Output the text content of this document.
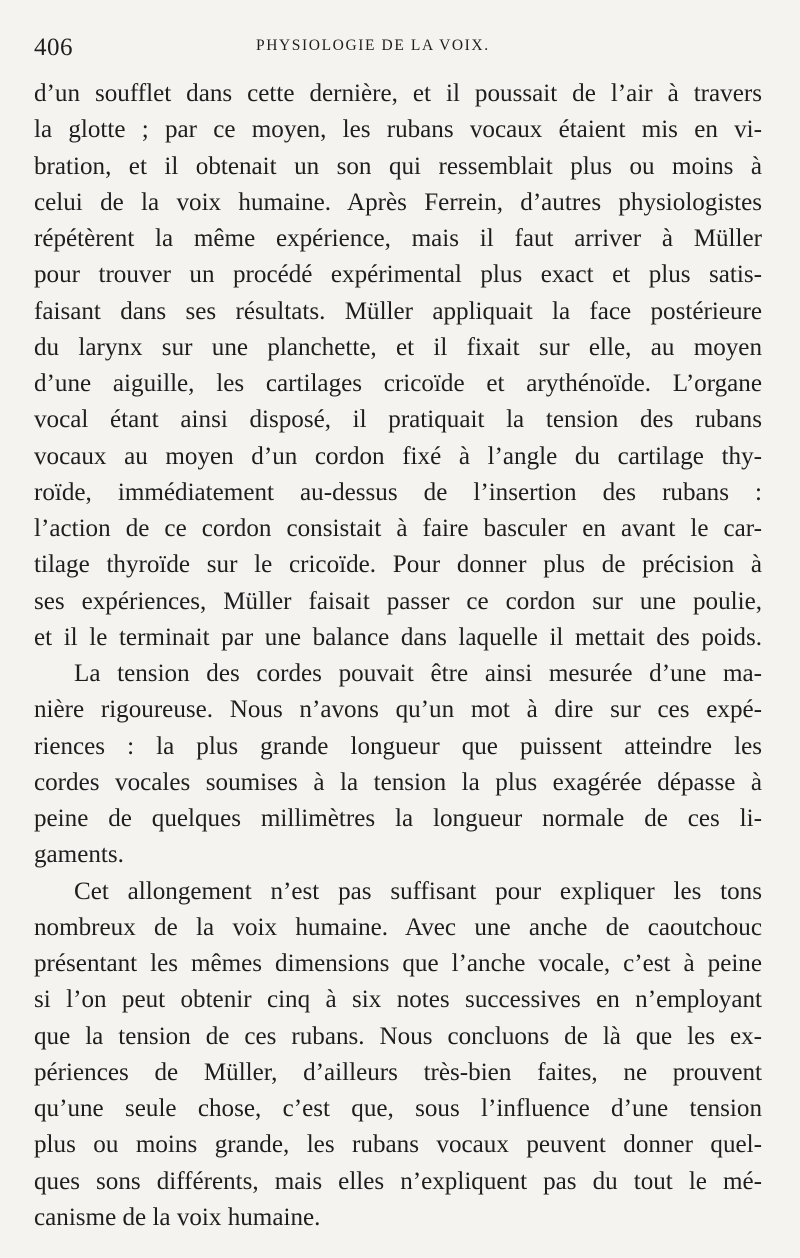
406	PHYSIOLOGIE DE LA VOIX.

d’un soufflet dans cette dernière, et il poussait de l’air à travers
la glotte ; par ce moyen, les rubans vocaux étaient mis en vi-
bration, et il obtenait un son qui ressemblait plus ou moins à
celui de la voix humaine. Après Ferrein, d’autres physiologistes
répétèrent la même expérience, mais il faut arriver à Müller
pour trouver un procédé expérimental plus exact et plus satis-
faisant dans ses résultats. Müller appliquait la face postérieure
du larynx sur une planchette, et il fixait sur elle, au moyen
d’une aiguille, les cartilages cricoïde et arythénoïde. L’organe
vocal étant ainsi disposé, il pratiquait la tension des rubans
vocaux au moyen d’un cordon fixé à l’angle du cartilage thy-
roïde, immédiatement au-dessus de l’insertion des rubans :
l’action de ce cordon consistait à faire basculer en avant le car-
tilage thyroïde sur le cricoïde. Pour donner plus de précision à
ses expériences, Müller faisait passer ce cordon sur une poulie,
et il le terminait par une balance dans laquelle il mettait des poids.

La tension des cordes pouvait être ainsi mesurée d’une ma-
nière rigoureuse. Nous n’avons qu’un mot à dire sur ces expé-
riences : la plus grande longueur que puissent atteindre les
cordes vocales soumises à la tension la plus exagérée dépasse à
peine de quelques millimètres la longueur normale de ces li-
gaments.

Cet allongement n’est pas suffisant pour expliquer les tons
nombreux de la voix humaine. Avec une anche de caoutchouc
présentant les mêmes dimensions que l’anche vocale, c’est à peine
si l’on peut obtenir cinq à six notes successives en n’employant
que la tension de ces rubans. Nous concluons de là que les ex-
périences de Müller, d’ailleurs très-bien faites, ne prouvent
qu’une seule chose, c’est que, sous l’influence d’une tension
plus ou moins grande, les rubans vocaux peuvent donner quel-
ques sons différents, mais elles n’expliquent pas du tout le mé-
canisme de la voix humaine.
